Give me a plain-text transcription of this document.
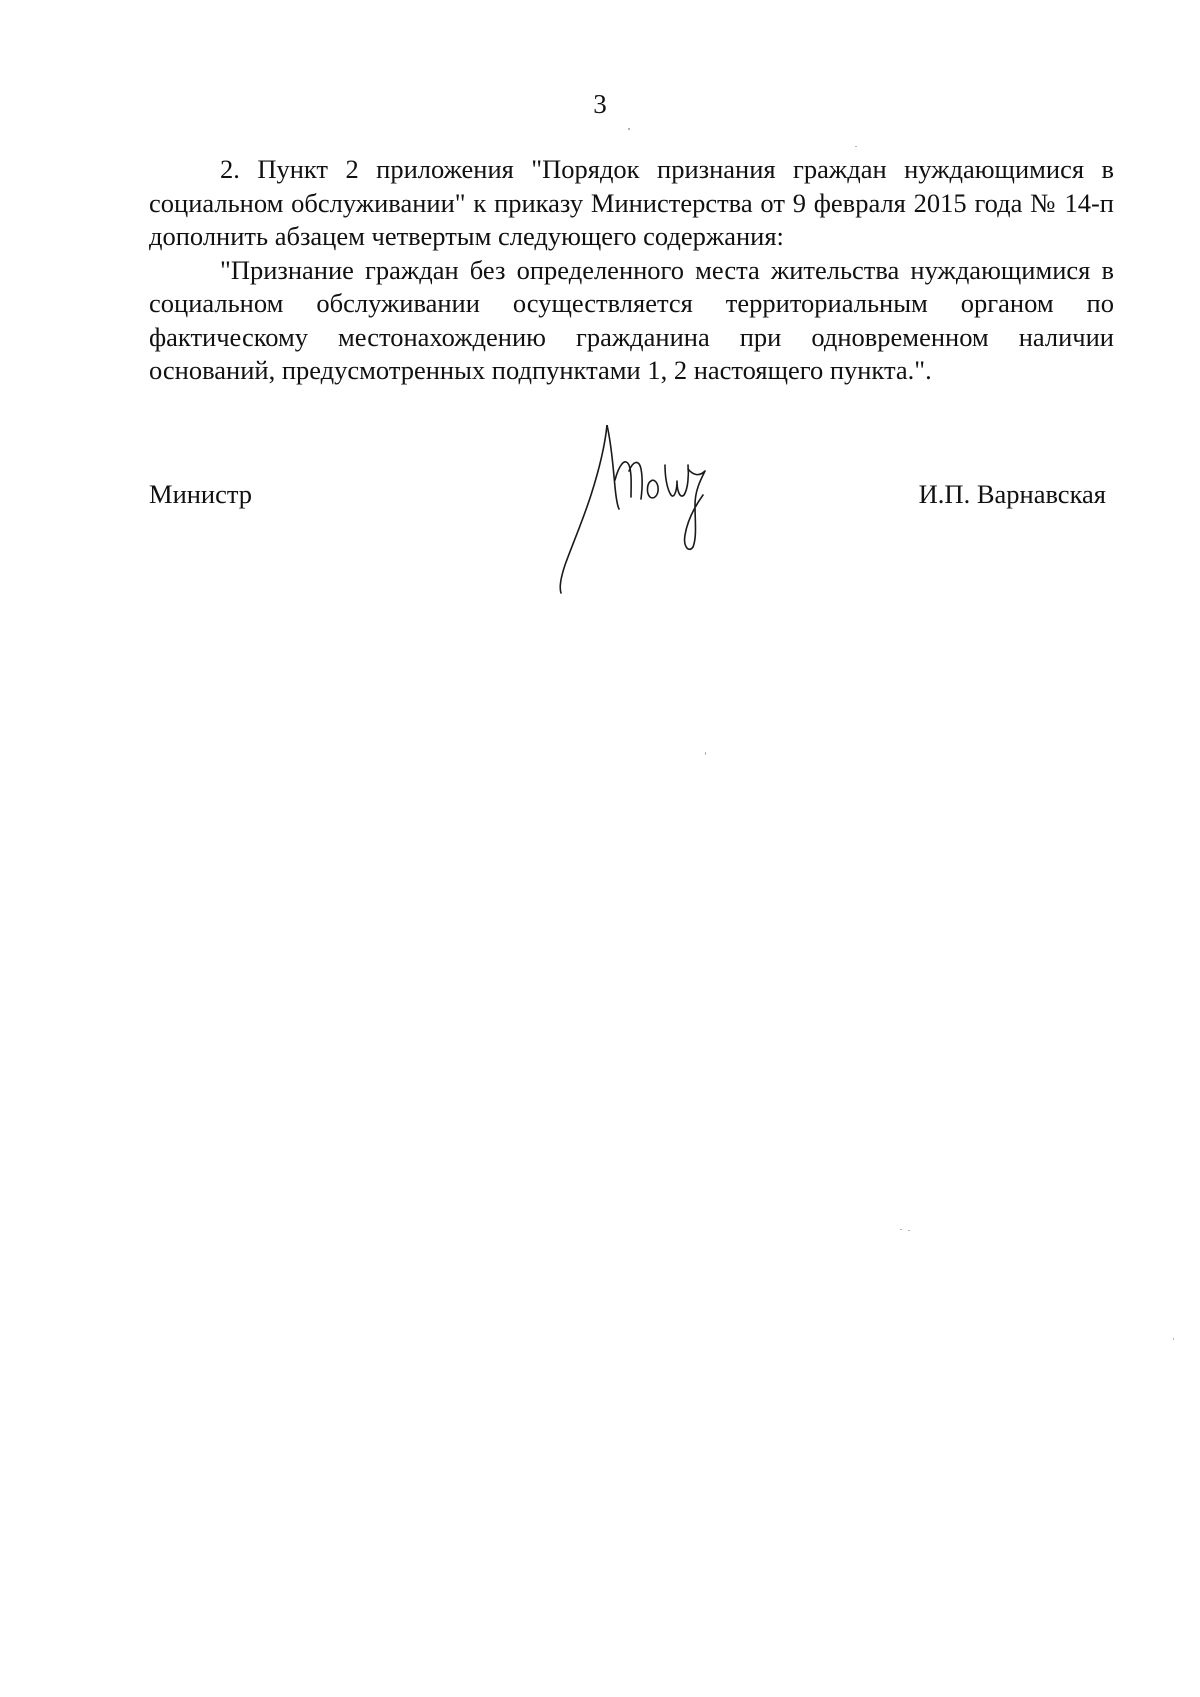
3

2. Пункт 2 приложения "Порядок признания граждан нуждающимися в социальном обслуживании" к приказу Министерства от 9 февраля 2015 года № 14-п дополнить абзацем четвертым следующего содержания:

"Признание граждан без определенного места жительства нуждающимися в социальном обслуживании осуществляется территориальным органом по фактическому местонахождению гражданина при одновременном наличии оснований, предусмотренных подпунктами 1, 2 настоящего пункта.".

Министр	И.П. Варнавская
